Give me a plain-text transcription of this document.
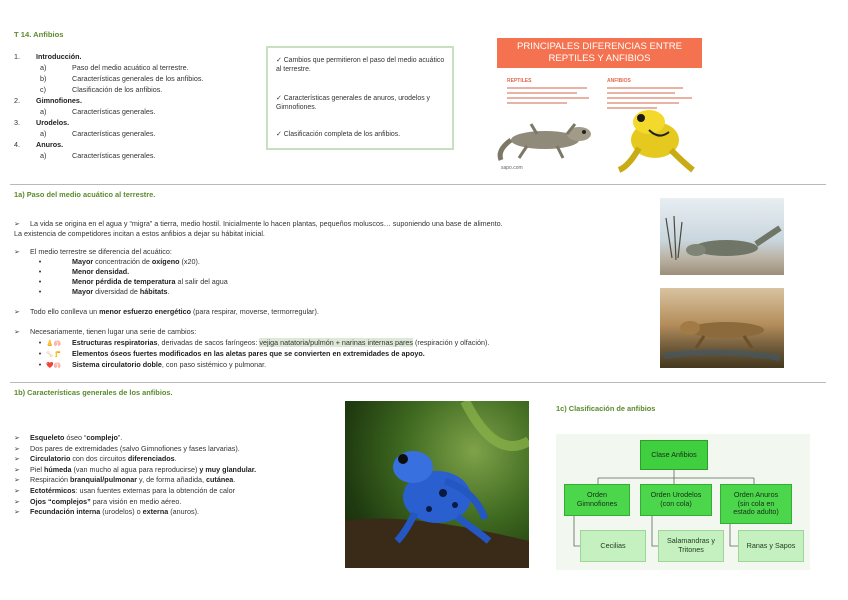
T 14. Anfibios
1.	Introducción.
a)	Paso del medio acuático al terrestre.
b)	Características generales de los anfibios.
c)	Clasificación de los anfibios.
2.	Gimnofiones.
a)	Características generales.
3.	Urodelos.
a)	Características generales.
4.	Anuros.
a)	Características generales.

✓ Cambios que permitieron el paso del medio acuático al terrestre.

✓ Características generales de anuros, urodelos y Gimnofiones.

✓ Clasificación completa de los anfibios.

PRINCIPALES DIFERENCIAS ENTRE
REPTILES Y ANFIBIOS
REPTILES	ANFIBIOS
sapo.com
1a) Paso del medio acuático al terrestre.
➢ La vida se origina en el agua y “migra” a tierra, medio hostil. Inicialmente lo hacen plantas, pequeños moluscos… suponiendo una base de alimento.
La existencia de competidores incitan a estos anfibios a dejar su hábitat inicial.
➢ El medio terrestre se diferencia del acuático:
•	Mayor concentración de oxígeno (x20).
•	Menor densidad.
•	Menor pérdida de temperatura al salir del agua
•	Mayor diversidad de hábitats.
➢ Todo ello conlleva un menor esfuerzo energético (para respirar, moverse, termorregular).
➢ Necesariamente, tienen lugar una serie de cambios:
• 👃🫁 Estructuras respiratorias, derivadas de sacos faríngeos: vejiga natatoria/pulmón + narinas internas pares (respiración y olfación).
• 🦴🦵 Elementos óseos fuertes modificados en las aletas pares que se convierten en extremidades de apoyo.
• ❤️🫁 Sistema circulatorio doble, con paso sistémico y pulmonar.
1b) Características generales de los anfibios.
➢ Esqueleto óseo “complejo”.
➢ Dos pares de extremidades (salvo Gimnofiones y fases larvarias).
➢ Circulatorio con dos circuitos diferenciados.
➢ Piel húmeda (van mucho al agua para reproducirse) y muy glandular.
➢ Respiración branquial/pulmonar y, de forma añadida, cutánea.
➢ Ectotérmicos: usan fuentes externas para la obtención de calor
➢ Ojos “complejos” para visión en medio aéreo.
➢ Fecundación interna (urodelos) o externa (anuros).
1c) Clasificación de anfibios
Clase Anfibios
Orden
Gimnofiones
Orden Urodelos
(con cola)
Orden Anuros
(sin cola en
estado adulto)
Cecilias	Salamandras y
Tritones	Ranas y Sapos
